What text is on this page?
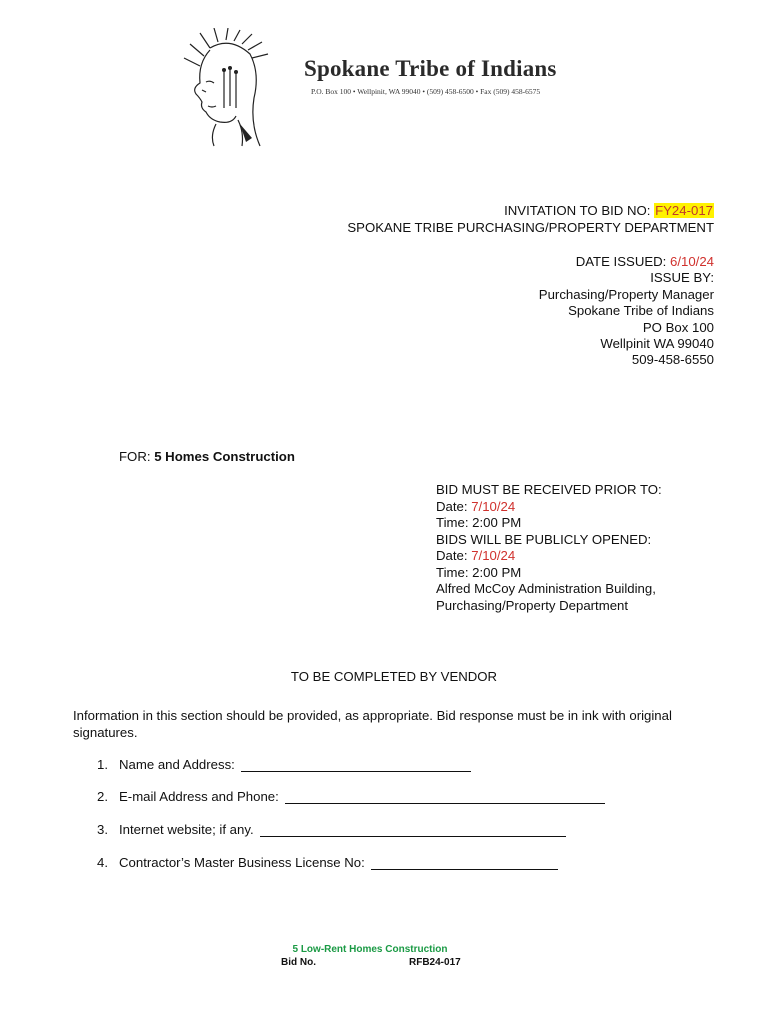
Spokane Tribe of Indians
P.O. Box 100 • Wellpinit, WA 99040 • (509) 458-6500 • Fax (509) 458-6575
INVITATION TO BID NO: FY24-017
SPOKANE TRIBE PURCHASING/PROPERTY DEPARTMENT
DATE ISSUED: 6/10/24
ISSUE BY:
Purchasing/Property Manager
Spokane Tribe of Indians
PO Box 100
Wellpinit WA 99040
509-458-6550
FOR: 5 Homes Construction
BID MUST BE RECEIVED PRIOR TO:
Date: 7/10/24
Time: 2:00 PM
BIDS WILL BE PUBLICLY OPENED:
Date: 7/10/24
Time: 2:00 PM
Alfred McCoy Administration Building,
Purchasing/Property Department
TO BE COMPLETED BY VENDOR
Information in this section should be provided, as appropriate. Bid response must be in ink with original signatures.
1. Name and Address:
2. E-mail Address and Phone:
3. Internet website; if any.
4. Contractor’s Master Business License No:
5 Low-Rent Homes Construction
Bid No.	RFB24-017
